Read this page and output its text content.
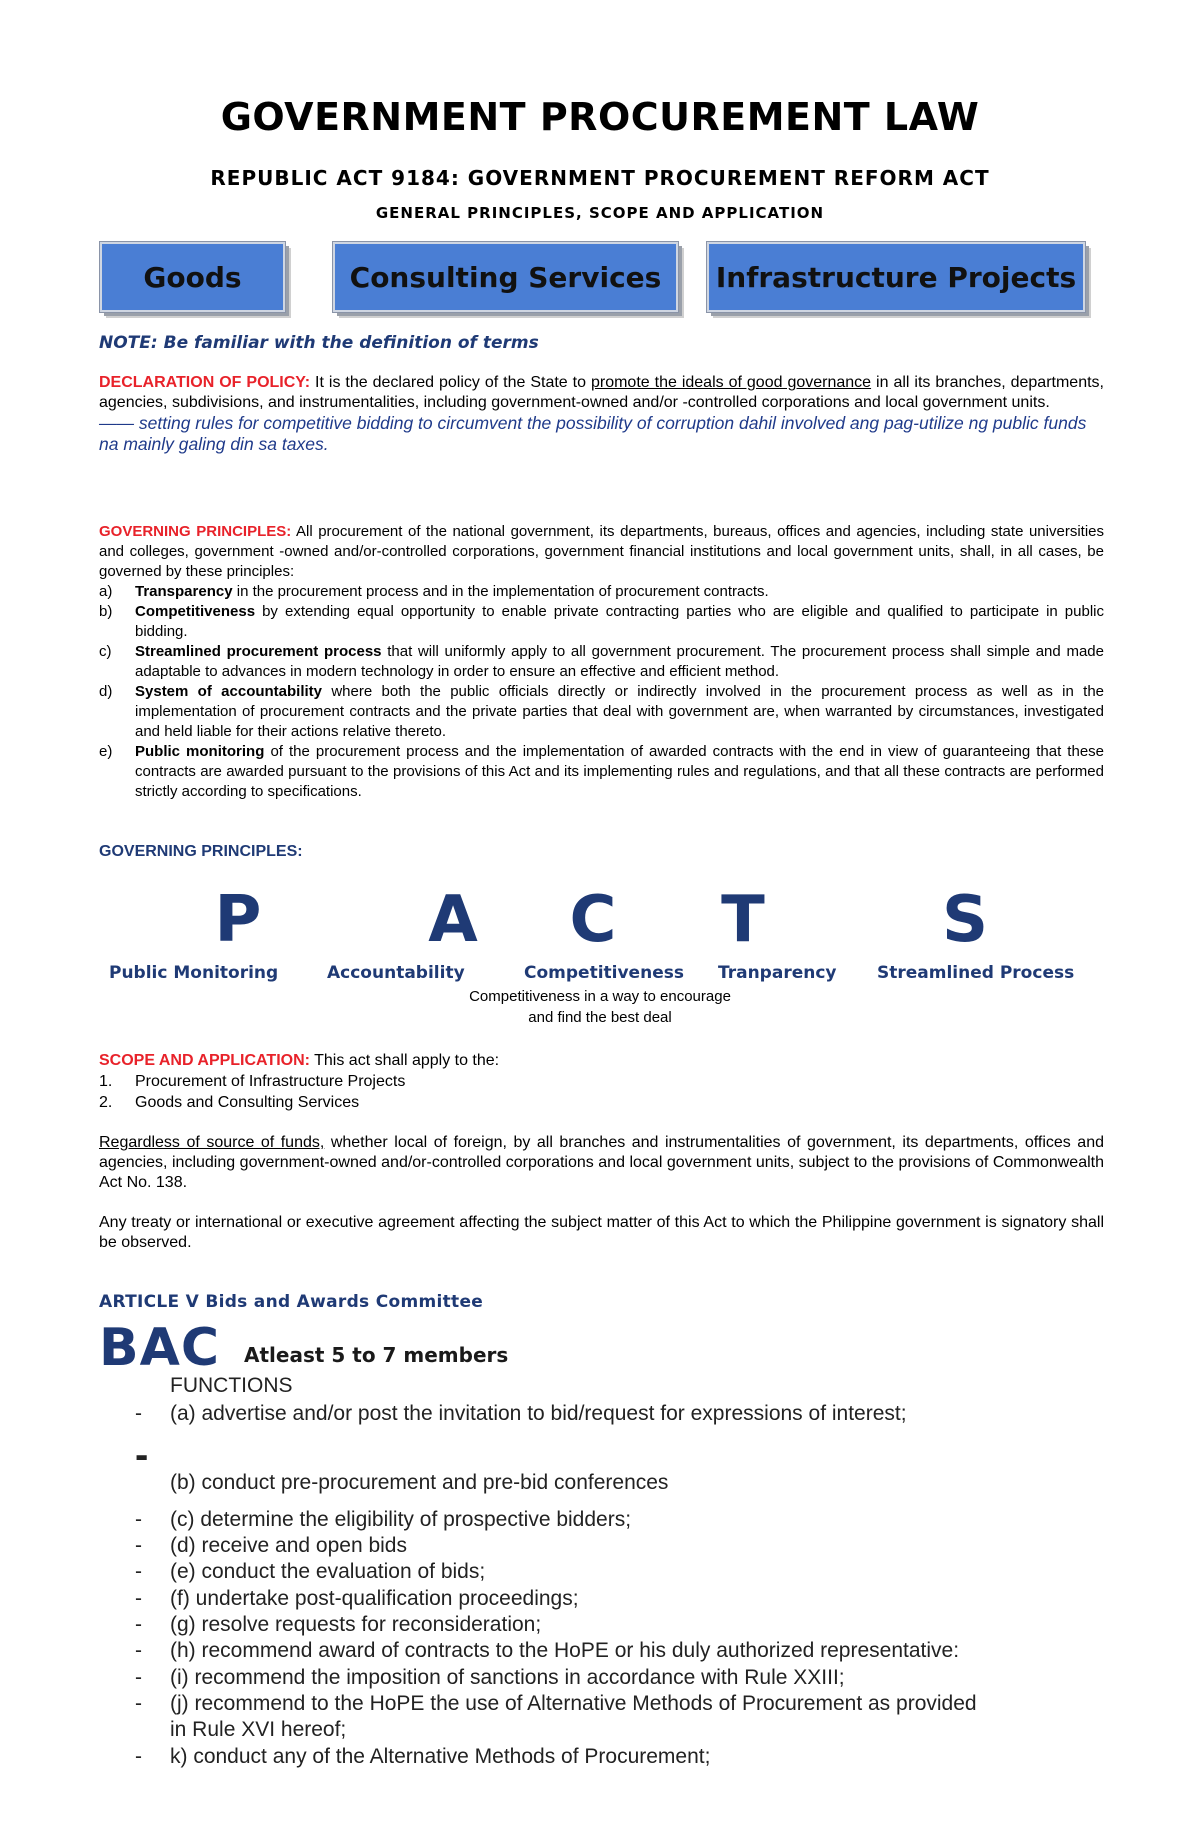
GOVERNMENT PROCUREMENT LAW
REPUBLIC ACT 9184: GOVERNMENT PROCUREMENT REFORM ACT
GENERAL PRINCIPLES, SCOPE AND APPLICATION
Goods	Consulting Services	Infrastructure Projects
NOTE: Be familiar with the definition of terms
DECLARATION OF POLICY: It is the declared policy of the State to promote the ideals of good governance in all its branches, departments, agencies, subdivisions, and instrumentalities, including government-owned and/or -controlled corporations and local government units.
—— setting rules for competitive bidding to circumvent the possibility of corruption dahil involved ang pag-utilize ng public funds na mainly galing din sa taxes.
GOVERNING PRINCIPLES: All procurement of the national government, its departments, bureaus, offices and agencies, including state universities and colleges, government -owned and/or-controlled corporations, government financial institutions and local government units, shall, in all cases, be governed by these principles:
a) Transparency in the procurement process and in the implementation of procurement contracts.
b) Competitiveness by extending equal opportunity to enable private contracting parties who are eligible and qualified to participate in public bidding.
c) Streamlined procurement process that will uniformly apply to all government procurement. The procurement process shall simple and made adaptable to advances in modern technology in order to ensure an effective and efficient method.
d) System of accountability where both the public officials directly or indirectly involved in the procurement process as well as in the implementation of procurement contracts and the private parties that deal with government are, when warranted by circumstances, investigated and held liable for their actions relative thereto.
e) Public monitoring of the procurement process and the implementation of awarded contracts with the end in view of guaranteeing that these contracts are awarded pursuant to the provisions of this Act and its implementing rules and regulations, and that all these contracts are performed strictly according to specifications.
GOVERNING PRINCIPLES:
P	A	C	T	S
Public Monitoring	Accountability	Competitiveness Tranparency Streamlined Process
Competitiveness in a way to encourage
and find the best deal
SCOPE AND APPLICATION: This act shall apply to the:
1. Procurement of Infrastructure Projects
2. Goods and Consulting Services
Regardless of source of funds, whether local of foreign, by all branches and instrumentalities of government, its departments, offices and agencies, including government-owned and/or-controlled corporations and local government units, subject to the provisions of Commonwealth Act No. 138.
Any treaty or international or executive agreement affecting the subject matter of this Act to which the Philippine government is signatory shall be observed.
ARTICLE V Bids and Awards Committee
BAC Atleast 5 to 7 members
FUNCTIONS
- (a) advertise and/or post the invitation to bid/request for expressions of interest;
-
(b) conduct pre-procurement and pre-bid conferences
- (c) determine the eligibility of prospective bidders;
- (d) receive and open bids
- (e) conduct the evaluation of bids;
- (f) undertake post-qualification proceedings;
- (g) resolve requests for reconsideration;
- (h) recommend award of contracts to the HoPE or his duly authorized representative:
- (i) recommend the imposition of sanctions in accordance with Rule XXIII;
- (j) recommend to the HoPE the use of Alternative Methods of Procurement as provided
in Rule XVI hereof;
- k) conduct any of the Alternative Methods of Procurement;
